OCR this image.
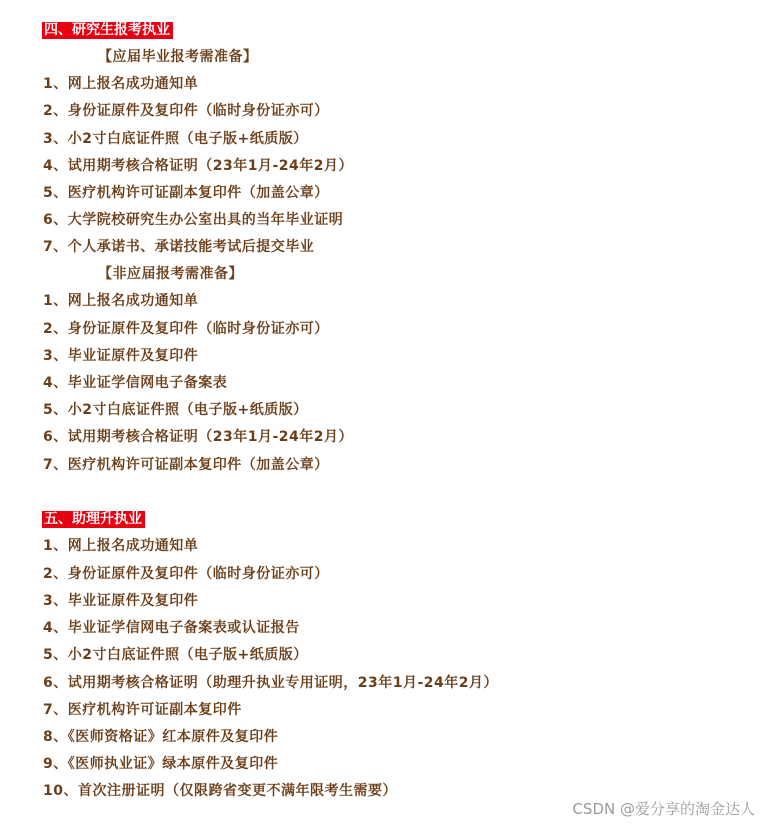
四、研究生报考执业
【应届毕业报考需准备】
1、网上报名成功通知单
2、身份证原件及复印件（临时身份证亦可）
3、小2寸白底证件照（电子版+纸质版）
4、试用期考核合格证明（23年1月-24年2月）
5、医疗机构许可证副本复印件（加盖公章）
6、大学院校研究生办公室出具的当年毕业证明
7、个人承诺书、承诺技能考试后提交毕业
【非应届报考需准备】
1、网上报名成功通知单
2、身份证原件及复印件（临时身份证亦可）
3、毕业证原件及复印件
4、毕业证学信网电子备案表
5、小2寸白底证件照（电子版+纸质版）
6、试用期考核合格证明（23年1月-24年2月）
7、医疗机构许可证副本复印件（加盖公章）
五、助理升执业
1、网上报名成功通知单
2、身份证原件及复印件（临时身份证亦可）
3、毕业证原件及复印件
4、毕业证学信网电子备案表或认证报告
5、小2寸白底证件照（电子版+纸质版）
6、试用期考核合格证明（助理升执业专用证明，23年1月-24年2月）
7、医疗机构许可证副本复印件
8、《医师资格证》红本原件及复印件
9、《医师执业证》绿本原件及复印件
10、首次注册证明（仅限跨省变更不满年限考生需要）
CSDN @爱分享的淘金达人
